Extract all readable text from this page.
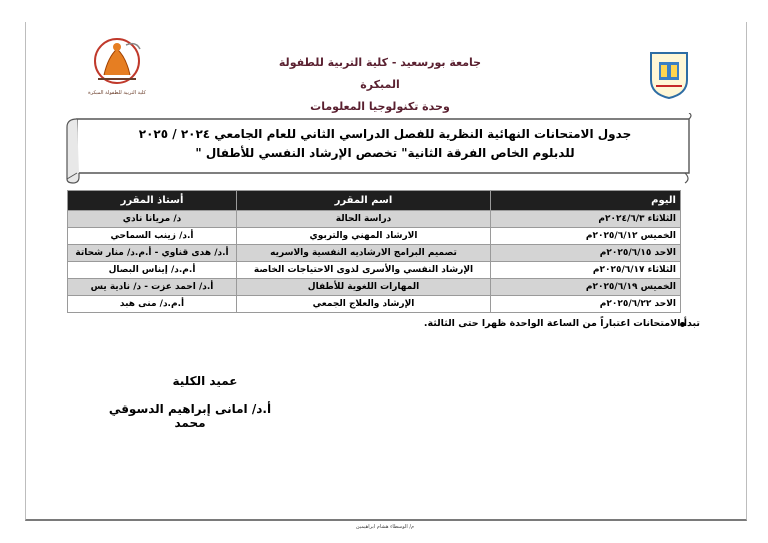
كلية التربية للطفولة المبكرة
جامعة بورسعيد - كلية التربية للطفولة المبكرة
وحدة تكنولوجيا المعلومات
جدول الامتحانات النهائية النظرية للفصل الدراسي الثاني للعام الجامعي ٢٠٢٤ / ٢٠٢٥
للدبلوم الخاص الفرقة الثانية" تخصص الإرشاد النفسي للأطفال "
اليوم	اسم المقرر	أستاذ المقرر
الثلاثاء ٢٠٢٤/٦/٣م	دراسة الحالة	د/ مريانا نادي
الخميس ٢٠٢٥/٦/١٢م	الارشاد المهني والتربوي	أ.د/ زينب السماحي
الاحد ٢٠٢٥/٦/١٥م	تصميم البرامج الارشاديه النفسية والاسريه	أ.د/ هدى قناوي - أ.م.د/ منار شحاتة
الثلاثاء ٢٠٢٥/٦/١٧م	الإرشاد النفسي والأسرى لذوى الاحتياجات الخاصة	أ.م.د/ إيناس البصال
الخميس ٢٠٢٥/٦/١٩م	المهارات اللغوية للأطفال	أ.د/ احمد عزت - د/ نادية يس
الاحد ٢٠٢٥/٦/٢٢م	الإرشاد والعلاج الجمعي	أ.م.د/ منى هبد
تبدأ الامتحانات اعتباراً من الساعة الواحدة ظهرا حتى الثالثة.
عميد الكلية
أ.د/ امانى إبراهيم الدسوقي محمد
م/ الوسطاء هشام ابراهيمين
